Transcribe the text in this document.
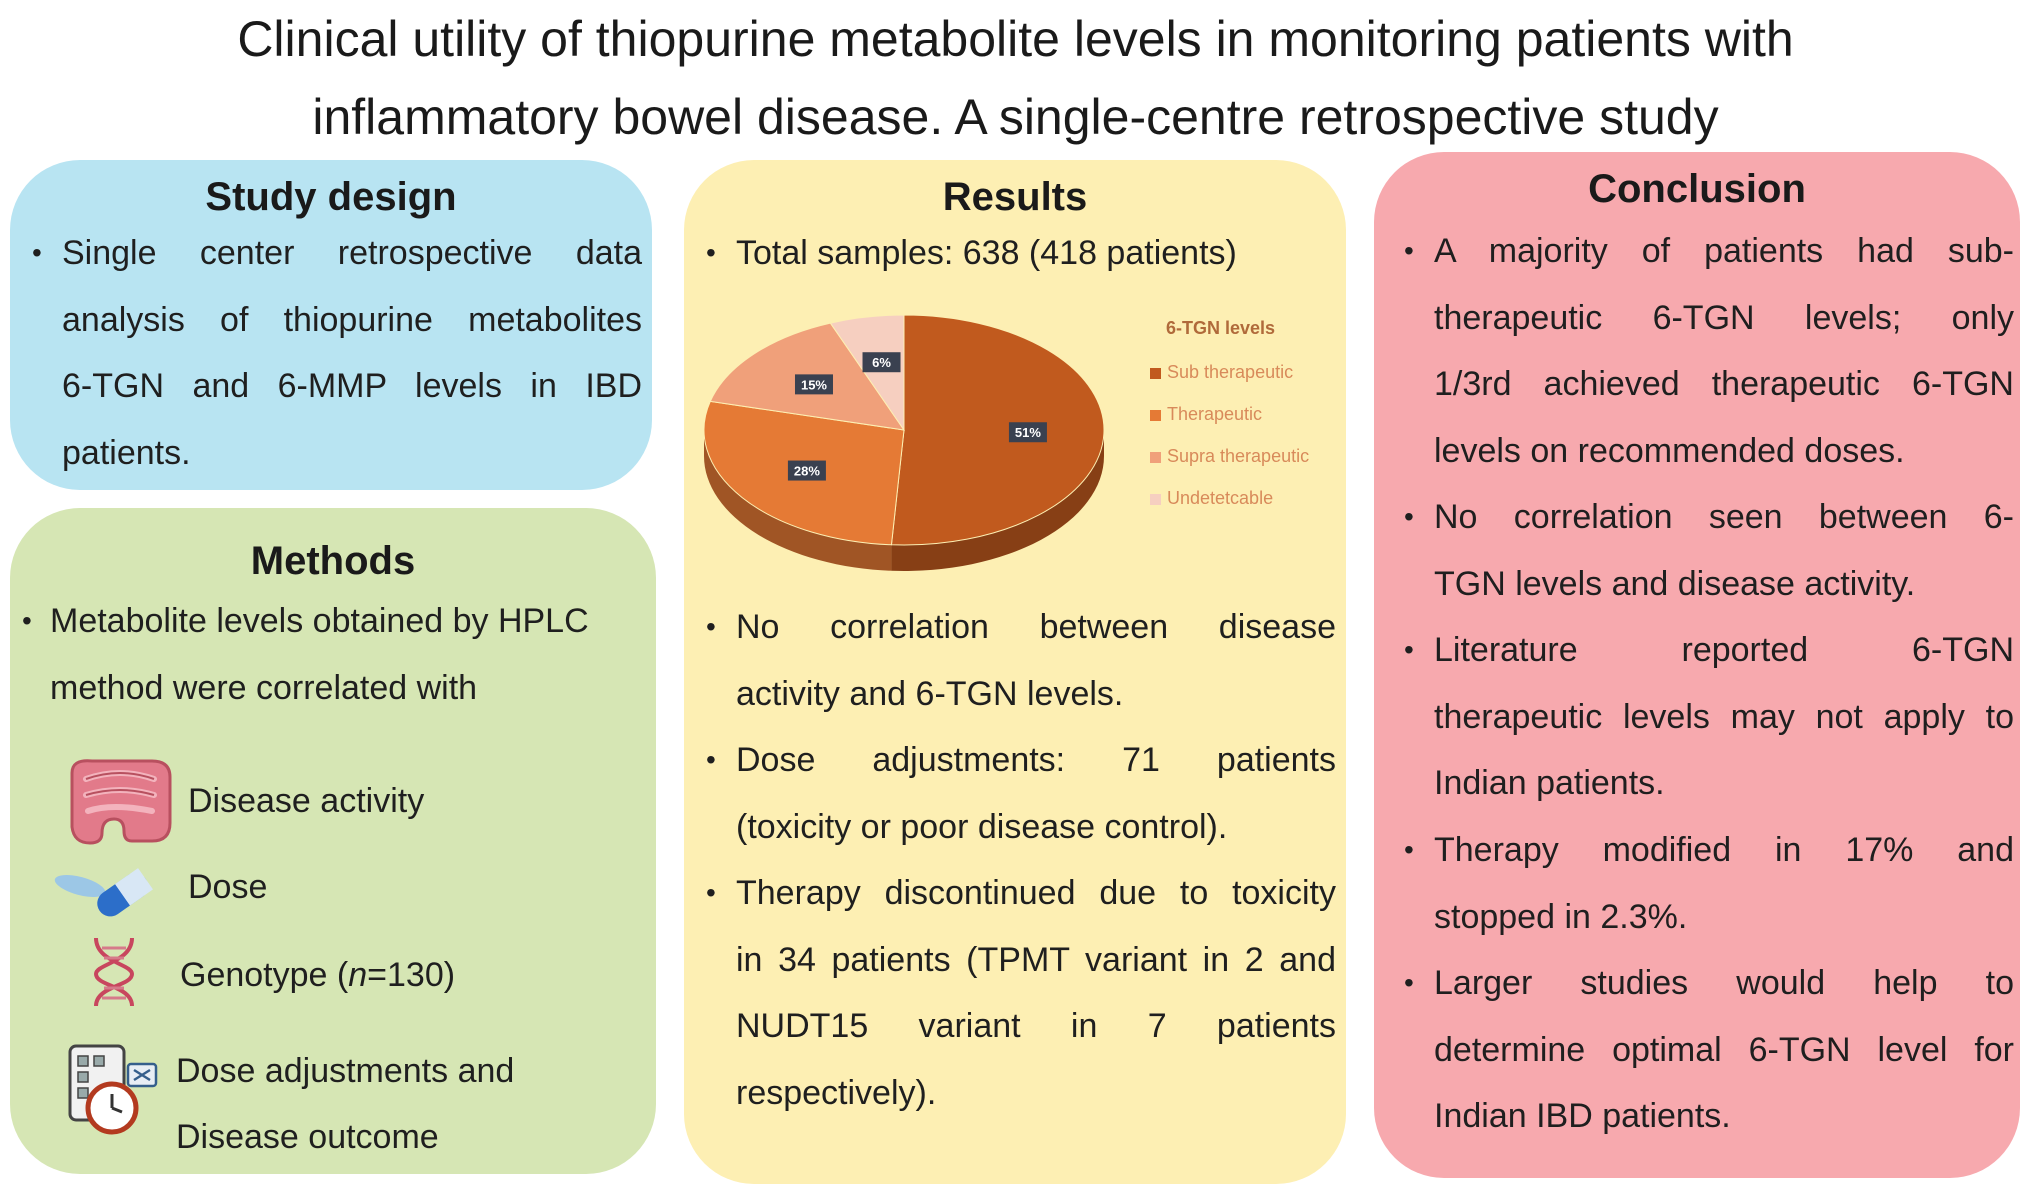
Clinical utility of thiopurine metabolite levels in monitoring patients with
inflammatory bowel disease. A single-centre retrospective study
Study design
• Single center retrospective data
analysis of thiopurine metabolites
6-TGN and 6-MMP levels in IBD
patients.
Methods
• Metabolite levels obtained by HPLC
method were correlated with
Disease activity
Dose
Genotype (n=130)
Dose adjustments and
Disease outcome
Results
• Total samples: 638 (418 patients)
51%
28%
15%
6%
6-TGN levels
Sub therapeutic
Therapeutic
Supra therapeutic
Undetetcable
• No correlation between disease
activity and 6-TGN levels.
• Dose adjustments: 71 patients
(toxicity or poor disease control).
• Therapy discontinued due to toxicity
in 34 patients (TPMT variant in 2 and
NUDT15 variant in 7 patients
respectively).
Conclusion
• A majority of patients had sub-
therapeutic 6-TGN levels; only
1/3rd achieved therapeutic 6-TGN
levels on recommended doses.
• No correlation seen between 6-
TGN levels and disease activity.
• Literature reported 6-TGN
therapeutic levels may not apply to
Indian patients.
• Therapy modified in 17% and
stopped in 2.3%.
• Larger studies would help to
determine optimal 6-TGN level for
Indian IBD patients.
